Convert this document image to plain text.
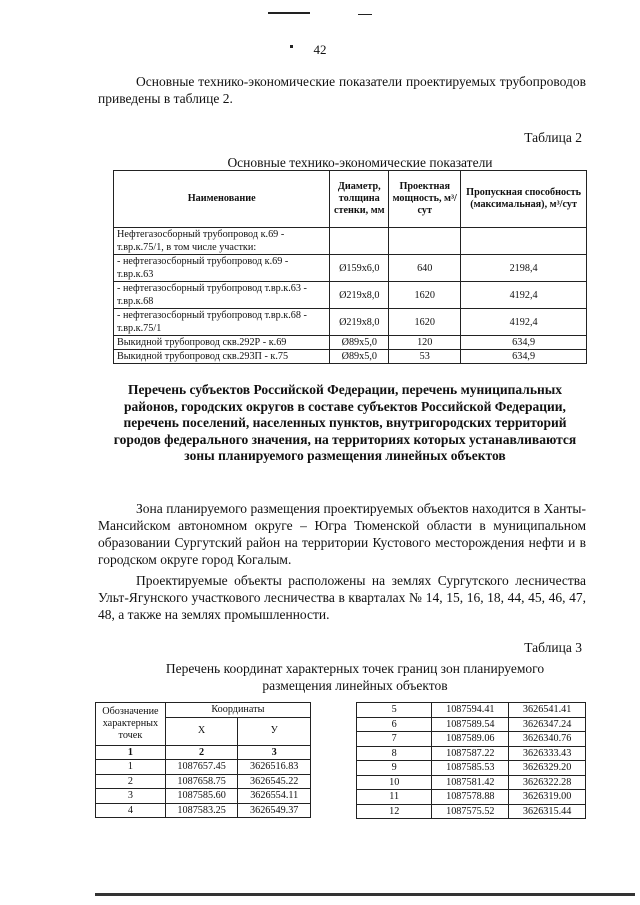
42
Основные технико-экономические показатели проектируемых трубопроводов приведены в таблице 2.
Таблица 2
Основные технико-экономические показатели
Наименование	Диаметр, толщина стенки, мм	Проектная мощность, м³/сут	Пропускная способность (максимальная), м³/сут
Нефтегазосборный трубопровод к.69 - т.вр.к.75/1, в том числе участки:			
- нефтегазосборный трубопровод к.69 - т.вр.к.63	Ø159х6,0	640	2198,4
- нефтегазосборный трубопровод т.вр.к.63 - т.вр.к.68	Ø219х8,0	1620	4192,4
- нефтегазосборный трубопровод т.вр.к.68 - т.вр.к.75/1	Ø219х8,0	1620	4192,4
Выкидной трубопровод скв.292Р - к.69	Ø89х5,0	120	634,9
Выкидной трубопровод скв.293П - к.75	Ø89х5,0	53	634,9
Перечень субъектов Российской Федерации, перечень муниципальных районов, городских округов в составе субъектов Российской Федерации, перечень поселений, населенных пунктов, внутригородских территорий городов федерального значения, на территориях которых устанавливаются зоны планируемого размещения линейных объектов
Зона планируемого размещения проектируемых объектов находится в Ханты-Мансийском автономном округе – Югра Тюменской области в муниципальном образовании Сургутский район на территории Кустового месторождения нефти и в городском округе город Когалым.
Проектируемые объекты расположены на землях Сургутского лесничества Ульт-Ягунского участкового лесничества в кварталах № 14, 15, 16, 18, 44, 45, 46, 47, 48, а также на землях промышленности.
Таблица 3
Перечень координат характерных точек границ зон планируемого
размещения линейных объектов
Обозначение характерных точек	Координаты	
	X	У
1	2	3
1	1087657.45	3626516.83
2	1087658.75	3626545.22
3	1087585.60	3626554.11
4	1087583.25	3626549.37
5	1087594.41	3626541.41
6	1087589.54	3626347.24
7	1087589.06	3626340.76
8	1087587.22	3626333.43
9	1087585.53	3626329.20
10	1087581.42	3626322.28
11	1087578.88	3626319.00
12	1087575.52	3626315.44
